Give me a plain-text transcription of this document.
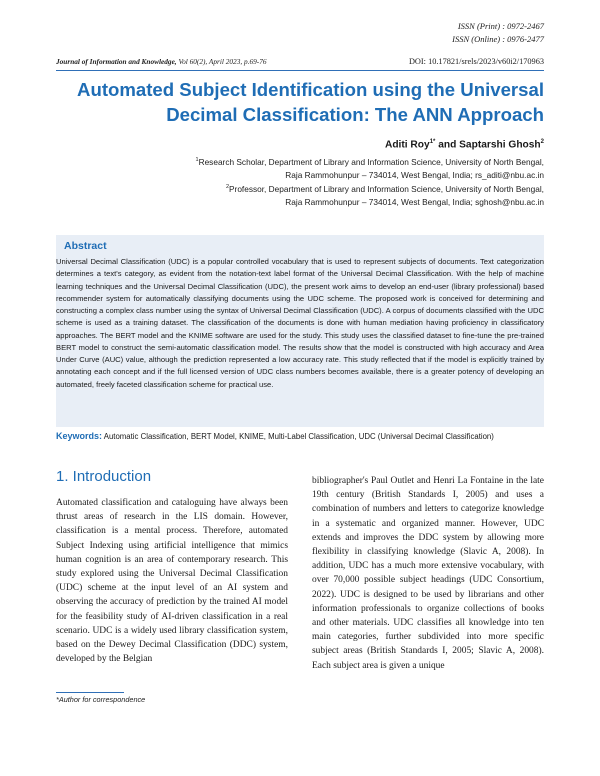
ISSN (Print) : 0972-2467
ISSN (Online) : 0976-2477
Journal of Information and Knowledge, Vol 60(2), April 2023, p.69-76	DOI: 10.17821/srels/2023/v60i2/170963
Automated Subject Identification using the Universal
Decimal Classification: The ANN Approach
Aditi Roy$^{1*}$ and Saptarshi Ghosh$^2$
$^1$Research Scholar, Department of Library and Information Science, University of North Bengal,
Raja Rammohunpur – 734014, West Bengal, India; rs_aditi@nbu.ac.in
$^2$Professor, Department of Library and Information Science, University of North Bengal,
Raja Rammohunpur – 734014, West Bengal, India; sghosh@nbu.ac.in
Abstract
Universal Decimal Classification (UDC) is a popular controlled vocabulary that is used to represent subjects of documents. Text categorization determines a text's category, as evident from the notation-text label format of the Universal Decimal Classification. With the help of machine learning techniques and the Universal Decimal Classification (UDC), the present work aims to develop an end-user (library professional) based recommender system for automatically classifying documents using the UDC scheme. The proposed work is conceived for determining and constructing a complex class number using the syntax of Universal Decimal Classification (UDC). A corpus of documents classified with the UDC scheme is used as a training dataset. The classification of the documents is done with human mediation having proficiency in classificatory approaches. The BERT model and the KNIME software are used for the study. This study uses the classified dataset to fine-tune the pre-trained BERT model to construct the semi-automatic classification model. The results show that the model is constructed with high accuracy and Area Under Curve (AUC) value, although the prediction represented a low accuracy rate. This study reflected that if the model is explicitly trained by annotating each concept and if the full licensed version of UDC class numbers becomes available, there is a greater potency of developing an automated, freely faceted classification scheme for practical use.
Keywords: Automatic Classification, BERT Model, KNIME, Multi-Label Classification, UDC (Universal Decimal Classification)
1. Introduction
Automated classification and cataloguing have always been thrust areas of research in the LIS domain. However, classification is a mental process. Therefore, automated Subject Indexing using artificial intelligence that mimics human cognition is an area of contemporary research. This study explored using the Universal Decimal Classification (UDC) scheme at the input level of an AI system and observing the accuracy of prediction by the trained AI model for the feasibility study of AI-driven classification in a real scenario. UDC is a widely used library classification system, based on the Dewey Decimal Classification (DDC) system, developed by the Belgian
bibliographer's Paul Outlet and Henri La Fontaine in the late 19th century (British Standards I, 2005) and uses a combination of numbers and letters to categorize knowledge in a systematic and organized manner. However, UDC extends and improves the DDC system by allowing more flexibility in classifying knowledge (Slavic A, 2008). In addition, UDC has a much more extensive vocabulary, with over 70,000 possible subject headings (UDC Consortium, 2022). UDC is designed to be used by librarians and other information professionals to organize collections of books and other materials. UDC classifies all knowledge into ten main categories, further subdivided into more specific subject areas (British Standards I, 2005; Slavic A, 2008). Each subject area is given a unique
*Author for correspondence
